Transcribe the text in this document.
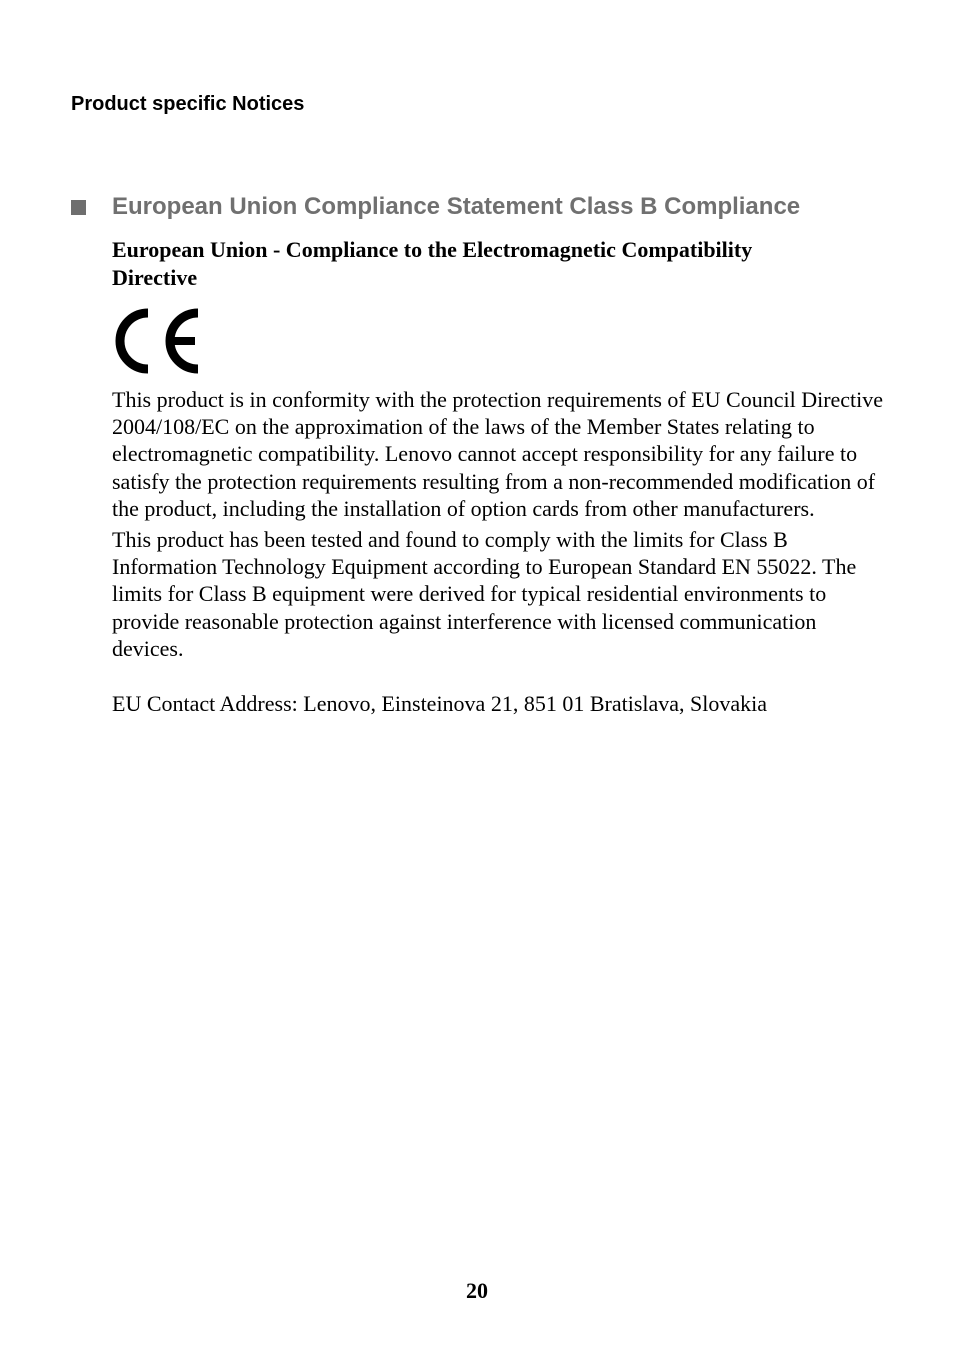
Product specific Notices
European Union Compliance Statement Class B Compliance

European Union - Compliance to the Electromagnetic Compatibility Directive

This product is in conformity with the protection requirements of EU Council Directive 2004/108/EC on the approximation of the laws of the Member States relating to electromagnetic compatibility. Lenovo cannot accept responsibility for any failure to satisfy the protection requirements resulting from a non-recommended modification of the product, including the installation of option cards from other manufacturers.

This product has been tested and found to comply with the limits for Class B Information Technology Equipment according to European Standard EN 55022. The limits for Class B equipment were derived for typical residential environments to provide reasonable protection against interference with licensed communication devices.

EU Contact Address: Lenovo, Einsteinova 21, 851 01 Bratislava, Slovakia

20
